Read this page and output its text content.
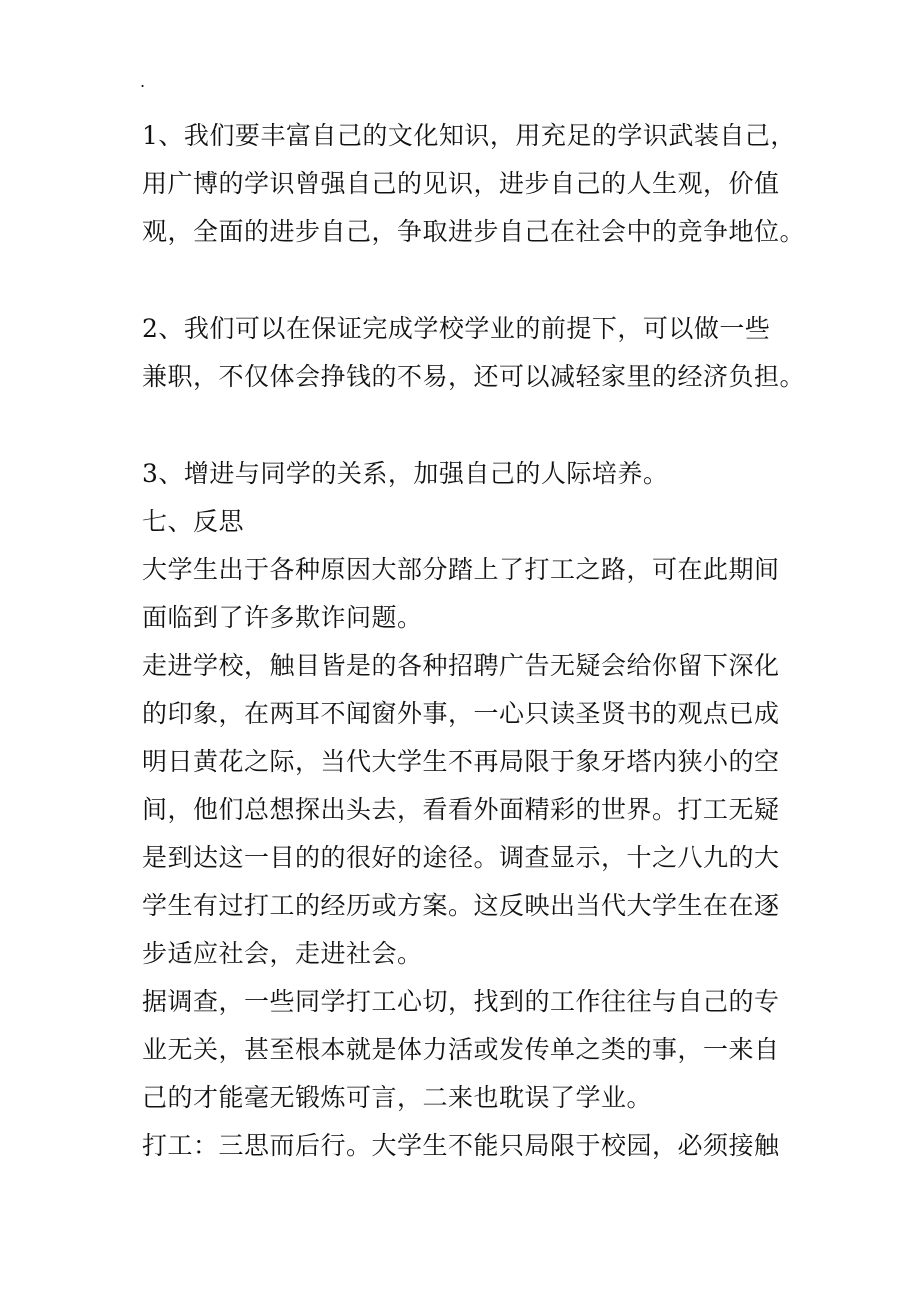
.
1、我们要丰富自己的文化知识，用充足的学识武装自己，
用广博的学识曾强自己的见识，进步自己的人生观，价值
观，全面的进步自己，争取进步自己在社会中的竞争地位。
2、我们可以在保证完成学校学业的前提下，可以做一些
兼职，不仅体会挣钱的不易，还可以减轻家里的经济负担。
3、增进与同学的关系，加强自己的人际培养。
七、反思
大学生出于各种原因大部分踏上了打工之路，可在此期间
面临到了许多欺诈问题。
走进学校，触目皆是的各种招聘广告无疑会给你留下深化
的印象，在两耳不闻窗外事，一心只读圣贤书的观点已成
明日黄花之际，当代大学生不再局限于象牙塔内狭小的空
间，他们总想探出头去，看看外面精彩的世界。打工无疑
是到达这一目的的很好的途径。调查显示，十之八九的大
学生有过打工的经历或方案。这反映出当代大学生在在逐
步适应社会，走进社会。
据调查，一些同学打工心切，找到的工作往往与自己的专
业无关，甚至根本就是体力活或发传单之类的事，一来自
己的才能毫无锻炼可言，二来也耽误了学业。
打工：三思而后行。大学生不能只局限于校园，必须接触
